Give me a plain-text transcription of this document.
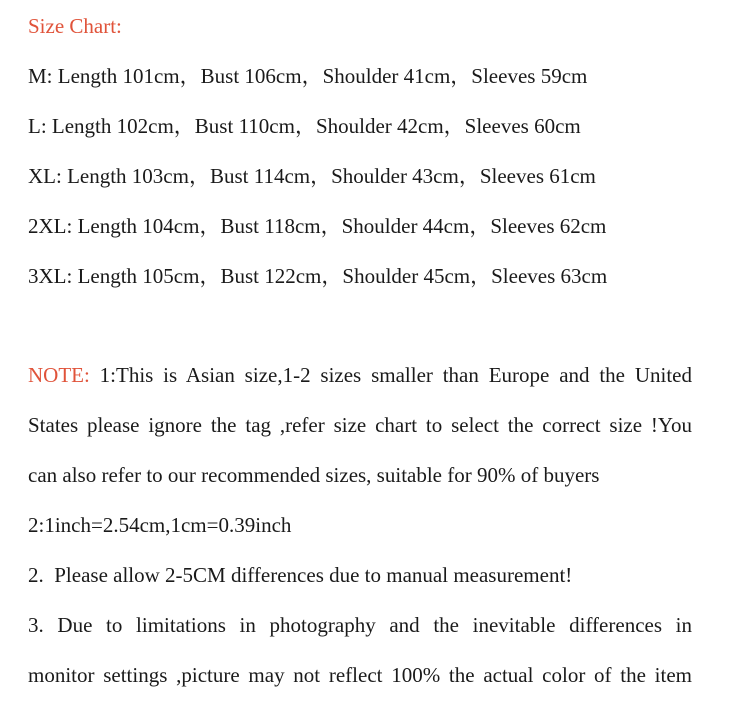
Size Chart:
M: Length 101cm，Bust 106cm，Shoulder 41cm，Sleeves 59cm
L: Length 102cm，Bust 110cm，Shoulder 42cm，Sleeves 60cm
XL: Length 103cm，Bust 114cm，Shoulder 43cm，Sleeves 61cm
2XL: Length 104cm，Bust 118cm，Shoulder 44cm，Sleeves 62cm
3XL: Length 105cm，Bust 122cm，Shoulder 45cm，Sleeves 63cm
NOTE: 1:This is Asian size,1-2 sizes smaller than Europe and the United
States please ignore the tag ,refer size chart to select the correct size !You
can also refer to our recommended sizes, suitable for 90% of buyers
2:1inch=2.54cm,1cm=0.39inch
2.  Please allow 2-5CM differences due to manual measurement!
3. Due to limitations in photography and the inevitable differences in
monitor settings ,picture may not reflect 100% the actual color of the item
